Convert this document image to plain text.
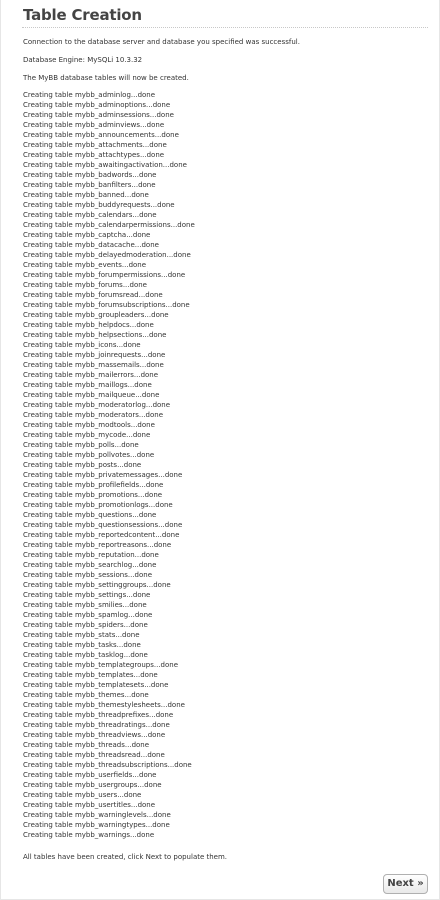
Table Creation
Connection to the database server and database you specified was successful.
Database Engine: MySQLi 10.3.32
The MyBB database tables will now be created.
Creating table mybb_adminlog...done
Creating table mybb_adminoptions...done
Creating table mybb_adminsessions...done
Creating table mybb_adminviews...done
Creating table mybb_announcements...done
Creating table mybb_attachments...done
Creating table mybb_attachtypes...done
Creating table mybb_awaitingactivation...done
Creating table mybb_badwords...done
Creating table mybb_banfilters...done
Creating table mybb_banned...done
Creating table mybb_buddyrequests...done
Creating table mybb_calendars...done
Creating table mybb_calendarpermissions...done
Creating table mybb_captcha...done
Creating table mybb_datacache...done
Creating table mybb_delayedmoderation...done
Creating table mybb_events...done
Creating table mybb_forumpermissions...done
Creating table mybb_forums...done
Creating table mybb_forumsread...done
Creating table mybb_forumsubscriptions...done
Creating table mybb_groupleaders...done
Creating table mybb_helpdocs...done
Creating table mybb_helpsections...done
Creating table mybb_icons...done
Creating table mybb_joinrequests...done
Creating table mybb_massemails...done
Creating table mybb_mailerrors...done
Creating table mybb_maillogs...done
Creating table mybb_mailqueue...done
Creating table mybb_moderatorlog...done
Creating table mybb_moderators...done
Creating table mybb_modtools...done
Creating table mybb_mycode...done
Creating table mybb_polls...done
Creating table mybb_pollvotes...done
Creating table mybb_posts...done
Creating table mybb_privatemessages...done
Creating table mybb_profilefields...done
Creating table mybb_promotions...done
Creating table mybb_promotionlogs...done
Creating table mybb_questions...done
Creating table mybb_questionsessions...done
Creating table mybb_reportedcontent...done
Creating table mybb_reportreasons...done
Creating table mybb_reputation...done
Creating table mybb_searchlog...done
Creating table mybb_sessions...done
Creating table mybb_settinggroups...done
Creating table mybb_settings...done
Creating table mybb_smilies...done
Creating table mybb_spamlog...done
Creating table mybb_spiders...done
Creating table mybb_stats...done
Creating table mybb_tasks...done
Creating table mybb_tasklog...done
Creating table mybb_templategroups...done
Creating table mybb_templates...done
Creating table mybb_templatesets...done
Creating table mybb_themes...done
Creating table mybb_themestylesheets...done
Creating table mybb_threadprefixes...done
Creating table mybb_threadratings...done
Creating table mybb_threadviews...done
Creating table mybb_threads...done
Creating table mybb_threadsread...done
Creating table mybb_threadsubscriptions...done
Creating table mybb_userfields...done
Creating table mybb_usergroups...done
Creating table mybb_users...done
Creating table mybb_usertitles...done
Creating table mybb_warninglevels...done
Creating table mybb_warningtypes...done
Creating table mybb_warnings...done
All tables have been created, click Next to populate them.
Next »
